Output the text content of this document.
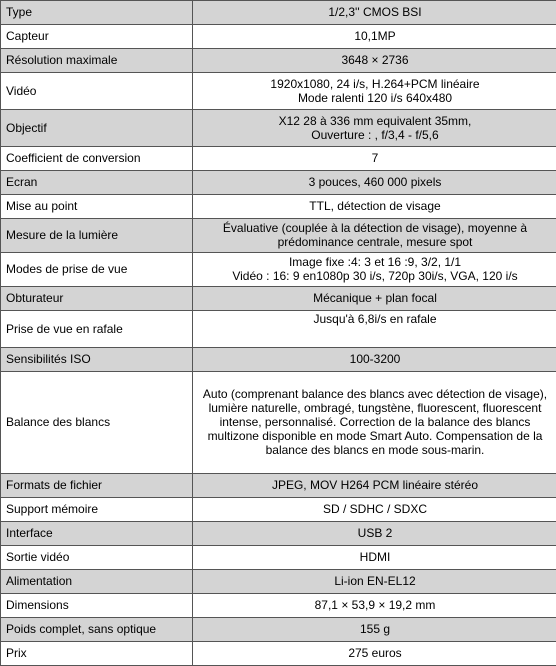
Type	1/2,3'' CMOS BSI
Capteur	10,1MP
Résolution maximale	3648 × 2736
Vidéo	1920x1080, 24 i/s, H.264+PCM linéaire
Mode ralenti 120 i/s 640x480
Objectif	X12 28 à 336 mm equivalent 35mm,
Ouverture : , f/3,4 - f/5,6
Coefficient de conversion	7
Ecran	3 pouces, 460 000 pixels
Mise au point	TTL, détection de visage
Mesure de la lumière	Évaluative (couplée à la détection de visage), moyenne à prédominance centrale, mesure spot
Modes de prise de vue	Image fixe :4: 3 et 16 :9, 3/2, 1/1
Vidéo : 16: 9 en1080p 30 i/s, 720p 30i/s, VGA, 120 i/s
Obturateur	Mécanique + plan focal
Prise de vue en rafale	Jusqu'à 6,8i/s en rafale
Sensibilités ISO	100-3200
Balance des blancs	Auto (comprenant balance des blancs avec détection de visage), lumière naturelle, ombragé, tungstène, fluorescent, fluorescent intense, personnalisé. Correction de la balance des blancs multizone disponible en mode Smart Auto. Compensation de la balance des blancs en mode sous-marin.
Formats de fichier	JPEG, MOV H264 PCM linéaire stéréo
Support mémoire	SD / SDHC / SDXC
Interface	USB 2
Sortie vidéo	HDMI
Alimentation	Li-ion EN-EL12
Dimensions	87,1 × 53,9 × 19,2 mm
Poids complet, sans optique	155 g
Prix	275 euros
